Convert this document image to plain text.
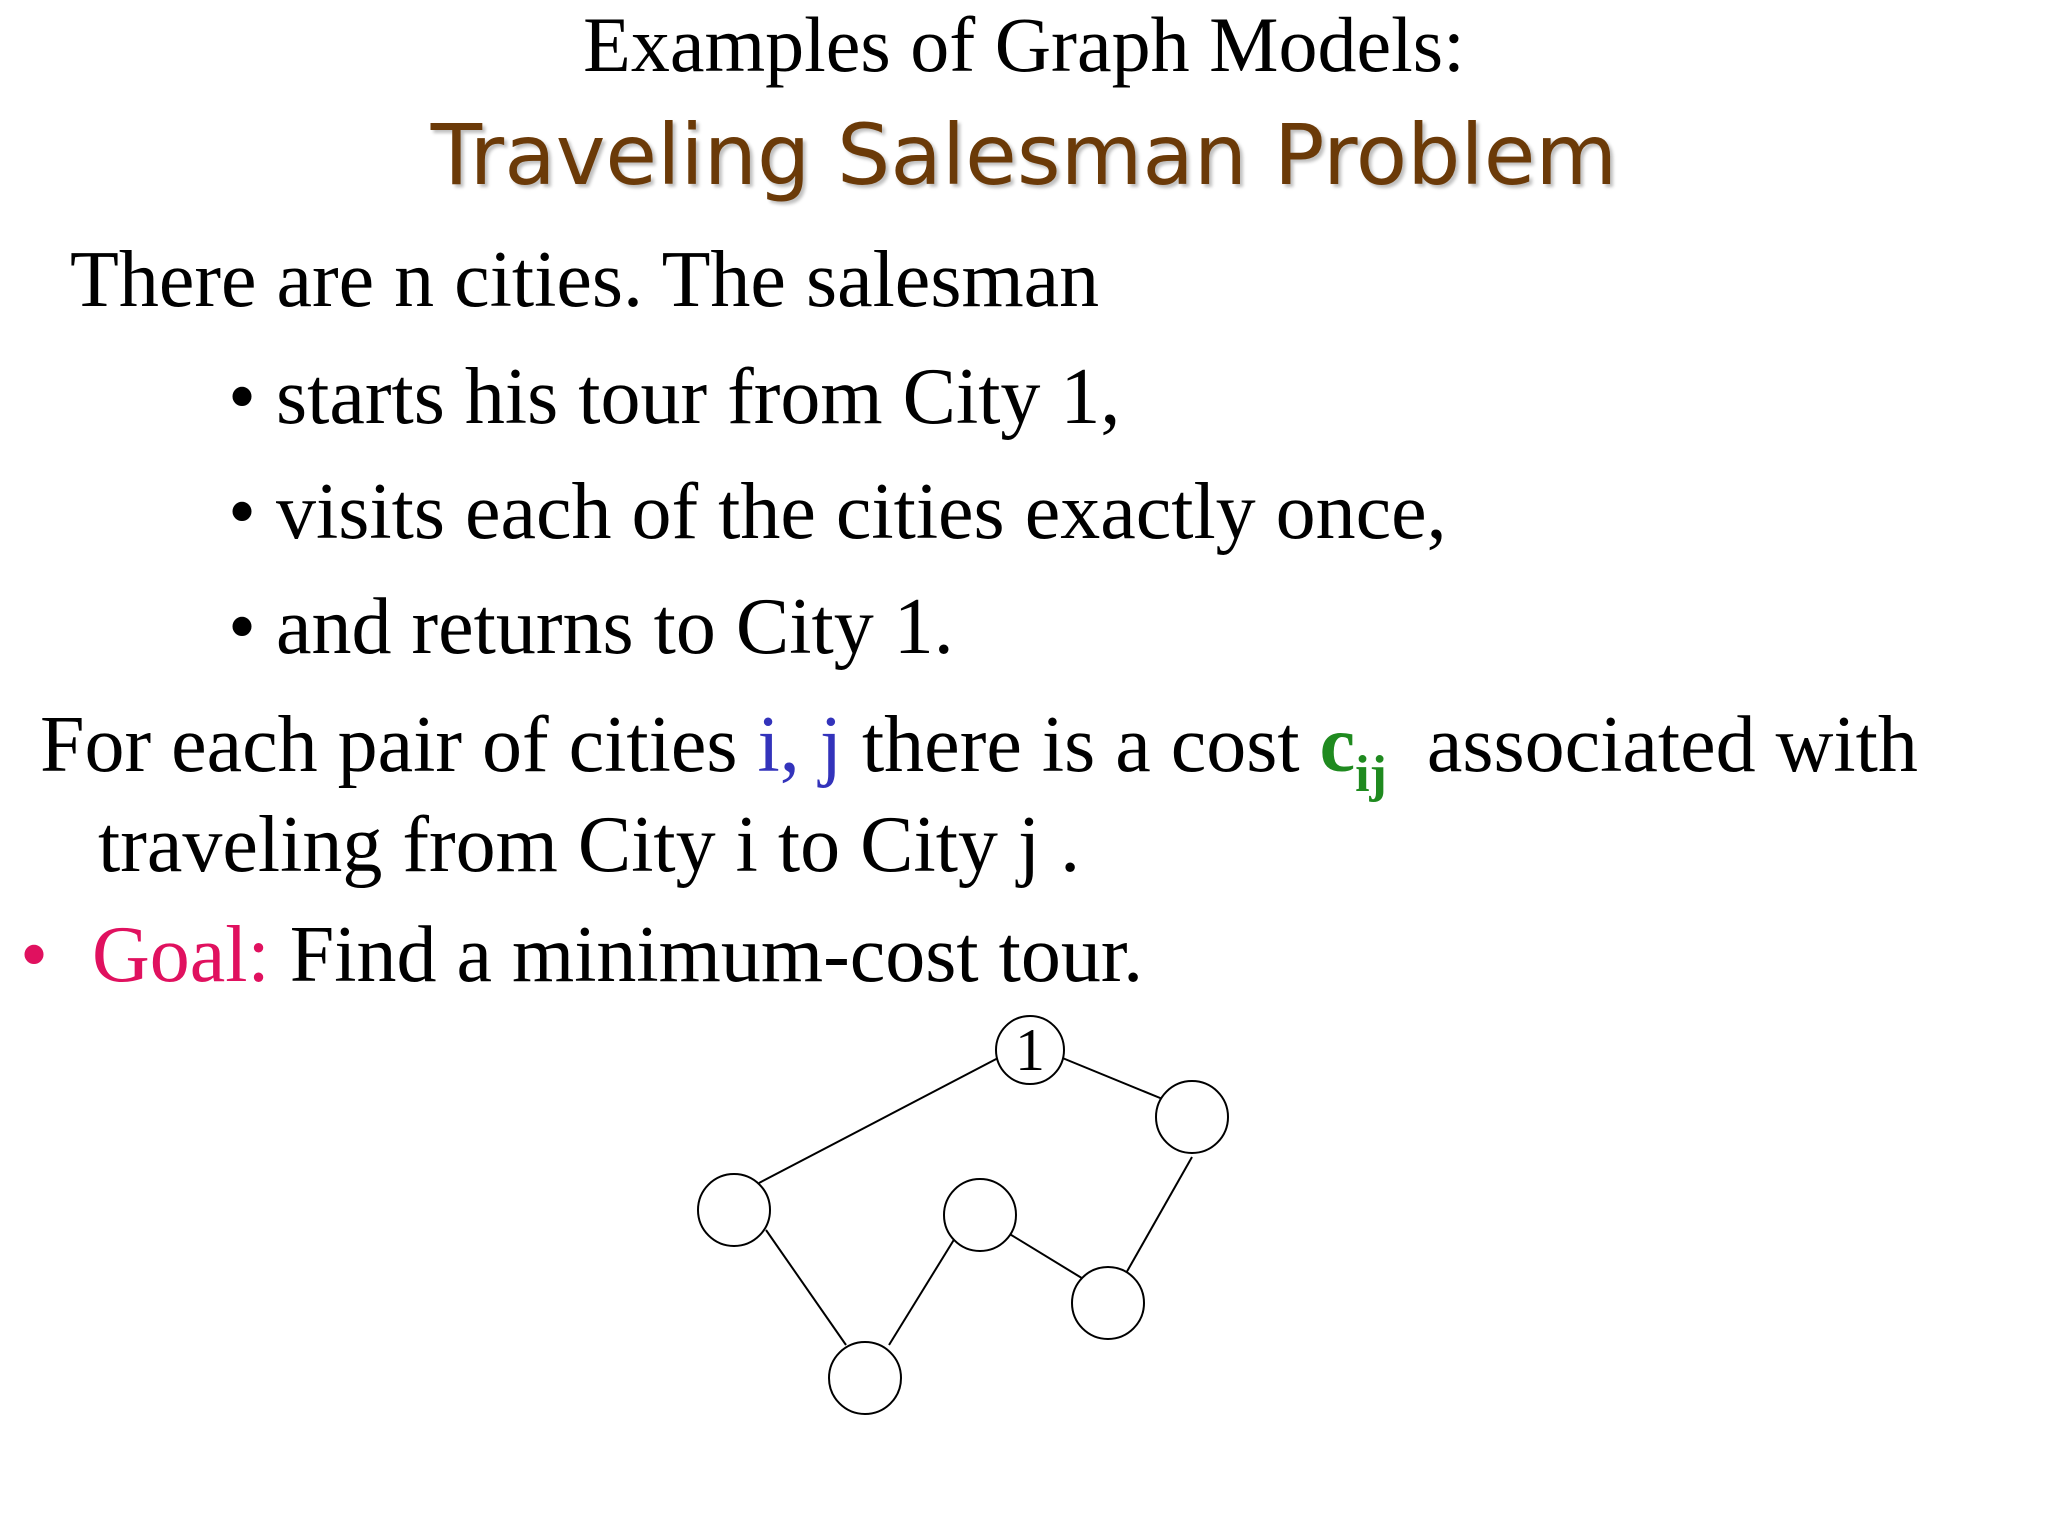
Examples of Graph Models:
Traveling Salesman Problem
There are n cities. The salesman
• starts his tour from City 1,
• visits each of the cities exactly once,
• and returns to City 1.
For each pair of cities i, j there is a cost $c_{ij}$ associated with
traveling from City i to City j .
• Goal: Find a minimum-cost tour.
1
